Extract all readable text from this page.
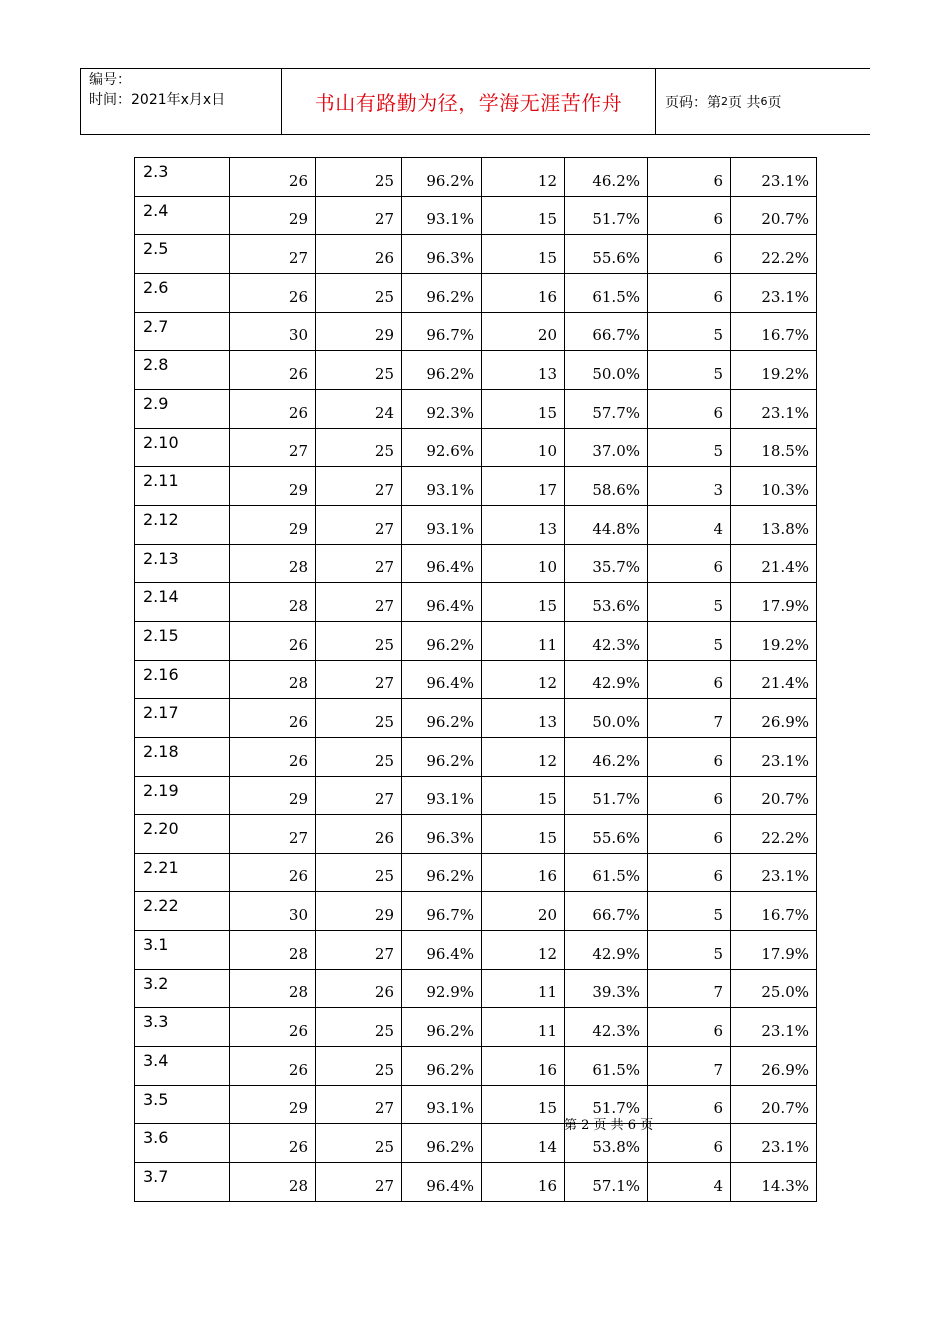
编号：
时间：2021年x月x日	书山有路勤为径，学海无涯苦作舟	页码：第 2 页 共 6 页
2.3	26	25	96.2%	12	46.2%	6	23.1%
2.4	29	27	93.1%	15	51.7%	6	20.7%
2.5	27	26	96.3%	15	55.6%	6	22.2%
2.6	26	25	96.2%	16	61.5%	6	23.1%
2.7	30	29	96.7%	20	66.7%	5	16.7%
2.8	26	25	96.2%	13	50.0%	5	19.2%
2.9	26	24	92.3%	15	57.7%	6	23.1%
2.10	27	25	92.6%	10	37.0%	5	18.5%
2.11	29	27	93.1%	17	58.6%	3	10.3%
2.12	29	27	93.1%	13	44.8%	4	13.8%
2.13	28	27	96.4%	10	35.7%	6	21.4%
2.14	28	27	96.4%	15	53.6%	5	17.9%
2.15	26	25	96.2%	11	42.3%	5	19.2%
2.16	28	27	96.4%	12	42.9%	6	21.4%
2.17	26	25	96.2%	13	50.0%	7	26.9%
2.18	26	25	96.2%	12	46.2%	6	23.1%
2.19	29	27	93.1%	15	51.7%	6	20.7%
2.20	27	26	96.3%	15	55.6%	6	22.2%
2.21	26	25	96.2%	16	61.5%	6	23.1%
2.22	30	29	96.7%	20	66.7%	5	16.7%
3.1	28	27	96.4%	12	42.9%	5	17.9%
3.2	28	26	92.9%	11	39.3%	7	25.0%
3.3	26	25	96.2%	11	42.3%	6	23.1%
3.4	26	25	96.2%	16	61.5%	7	26.9%
3.5	29	27	93.1%	15	51.7%	6	20.7%
3.6	26	25	96.2%	14	53.8%	6	23.1%
3.7	28	27	96.4%	16	57.1%	4	14.3%
第 2 页 共 6 页
